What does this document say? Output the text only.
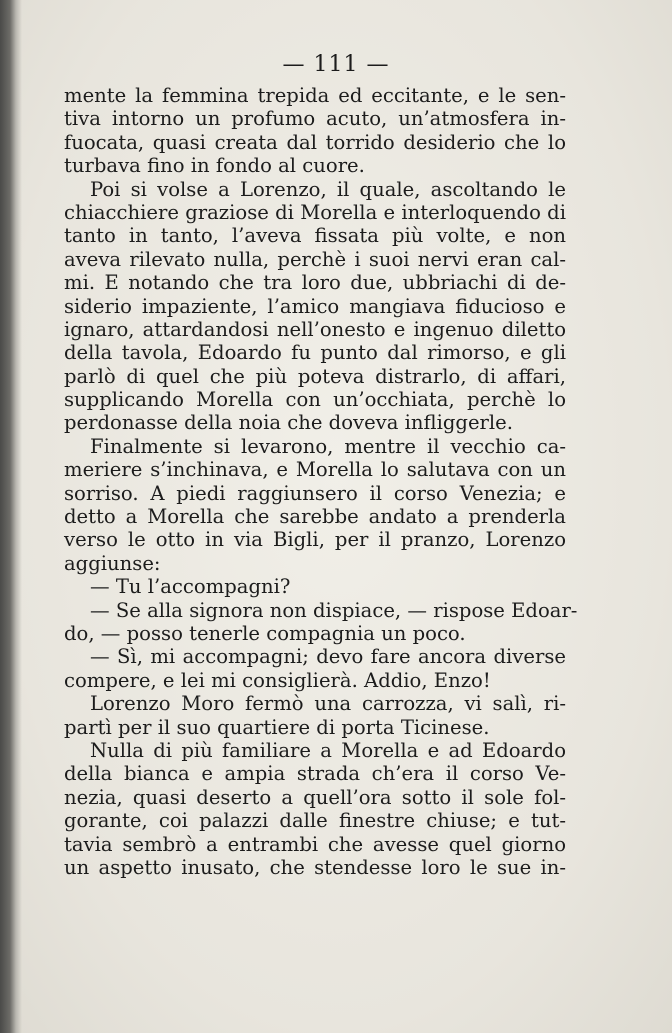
— 111 —
mente la femmina trepida ed eccitante, e le sen-
tiva intorno un profumo acuto, un’atmosfera in-
fuocata, quasi creata dal torrido desiderio che lo
turbava fino in fondo al cuore.
Poi si volse a Lorenzo, il quale, ascoltando le
chiacchiere graziose di Morella e interloquendo di
tanto in tanto, l’aveva fissata più volte, e non
aveva rilevato nulla, perchè i suoi nervi eran cal-
mi. E notando che tra loro due, ubbriachi di de-
siderio impaziente, l’amico mangiava fiducioso e
ignaro, attardandosi nell’onesto e ingenuo diletto
della tavola, Edoardo fu punto dal rimorso, e gli
parlò di quel che più poteva distrarlo, di affari,
supplicando Morella con un’occhiata, perchè lo
perdonasse della noia che doveva infliggerle.
Finalmente si levarono, mentre il vecchio ca-
meriere s’inchinava, e Morella lo salutava con un
sorriso. A piedi raggiunsero il corso Venezia; e
detto a Morella che sarebbe andato a prenderla
verso le otto in via Bigli, per il pranzo, Lorenzo
aggiunse:
— Tu l’accompagni?
— Se alla signora non dispiace, — rispose Edoar-
do, — posso tenerle compagnia un poco.
— Sì, mi accompagni; devo fare ancora diverse
compere, e lei mi consiglierà. Addio, Enzo!
Lorenzo Moro fermò una carrozza, vi salì, ri-
partì per il suo quartiere di porta Ticinese.
Nulla di più familiare a Morella e ad Edoardo
della bianca e ampia strada ch’era il corso Ve-
nezia, quasi deserto a quell’ora sotto il sole fol-
gorante, coi palazzi dalle finestre chiuse; e tut-
tavia sembrò a entrambi che avesse quel giorno
un aspetto inusato, che stendesse loro le sue in-
